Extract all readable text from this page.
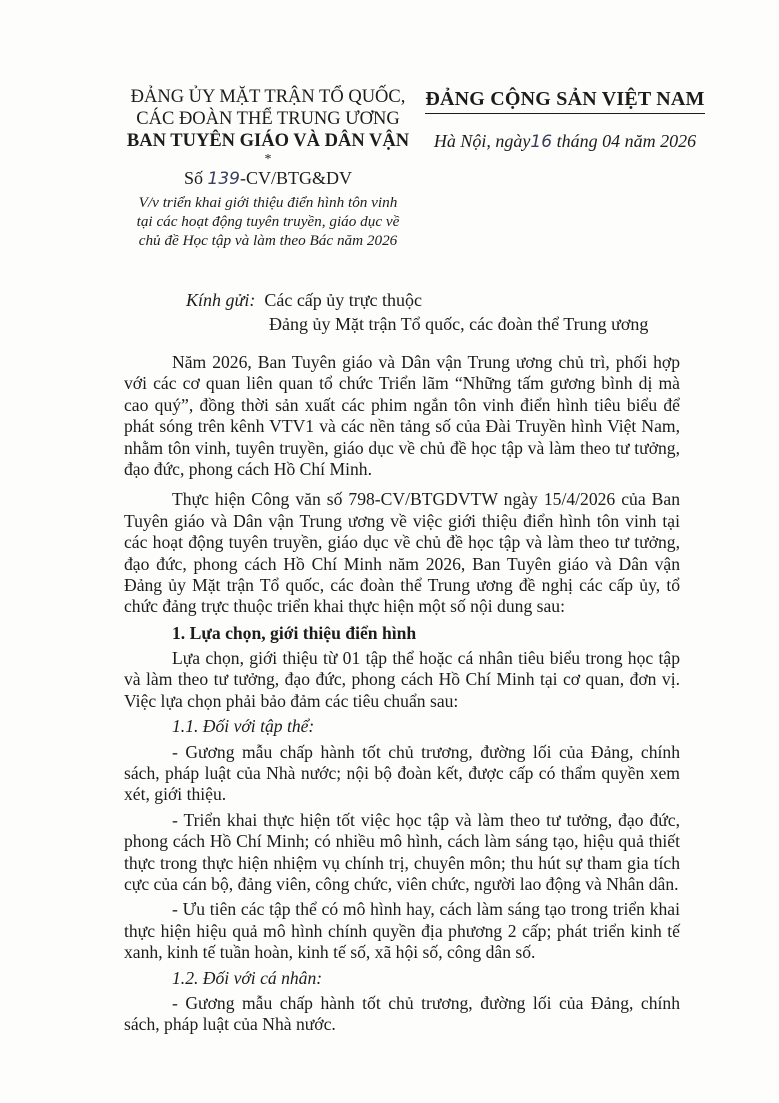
ĐẢNG ỦY MẶT TRẬN TỔ QUỐC,
CÁC ĐOÀN THỂ TRUNG ƯƠNG
BAN TUYÊN GIÁO VÀ DÂN VẬN
*
ĐẢNG CỘNG SẢN VIỆT NAM
Hà Nội, ngày16 tháng 04 năm 2026
Số 139-CV/BTG&DV
V/v triển khai giới thiệu điển hình tôn vinh
tại các hoạt động tuyên truyền, giáo dục về
chủ đề Học tập và làm theo Bác năm 2026
Kính gửi: Các cấp ủy trực thuộc
Đảng ủy Mặt trận Tổ quốc, các đoàn thể Trung ương

Năm 2026, Ban Tuyên giáo và Dân vận Trung ương chủ trì, phối hợp với các cơ quan liên quan tổ chức Triển lãm “Những tấm gương bình dị mà cao quý”, đồng thời sản xuất các phim ngắn tôn vinh điển hình tiêu biểu để phát sóng trên kênh VTV1 và các nền tảng số của Đài Truyền hình Việt Nam, nhằm tôn vinh, tuyên truyền, giáo dục về chủ đề học tập và làm theo tư tưởng, đạo đức, phong cách Hồ Chí Minh.

Thực hiện Công văn số 798-CV/BTGDVTW ngày 15/4/2026 của Ban Tuyên giáo và Dân vận Trung ương về việc giới thiệu điển hình tôn vinh tại các hoạt động tuyên truyền, giáo dục về chủ đề học tập và làm theo tư tưởng, đạo đức, phong cách Hồ Chí Minh năm 2026, Ban Tuyên giáo và Dân vận Đảng ủy Mặt trận Tổ quốc, các đoàn thể Trung ương đề nghị các cấp ủy, tổ chức đảng trực thuộc triển khai thực hiện một số nội dung sau:

1. Lựa chọn, giới thiệu điển hình

Lựa chọn, giới thiệu từ 01 tập thể hoặc cá nhân tiêu biểu trong học tập và làm theo tư tưởng, đạo đức, phong cách Hồ Chí Minh tại cơ quan, đơn vị. Việc lựa chọn phải bảo đảm các tiêu chuẩn sau:

1.1. Đối với tập thể:

- Gương mẫu chấp hành tốt chủ trương, đường lối của Đảng, chính sách, pháp luật của Nhà nước; nội bộ đoàn kết, được cấp có thẩm quyền xem xét, giới thiệu.

- Triển khai thực hiện tốt việc học tập và làm theo tư tưởng, đạo đức, phong cách Hồ Chí Minh; có nhiều mô hình, cách làm sáng tạo, hiệu quả thiết thực trong thực hiện nhiệm vụ chính trị, chuyên môn; thu hút sự tham gia tích cực của cán bộ, đảng viên, công chức, viên chức, người lao động và Nhân dân.

- Ưu tiên các tập thể có mô hình hay, cách làm sáng tạo trong triển khai thực hiện hiệu quả mô hình chính quyền địa phương 2 cấp; phát triển kinh tế xanh, kinh tế tuần hoàn, kinh tế số, xã hội số, công dân số.

1.2. Đối với cá nhân:

- Gương mẫu chấp hành tốt chủ trương, đường lối của Đảng, chính sách, pháp luật của Nhà nước.
